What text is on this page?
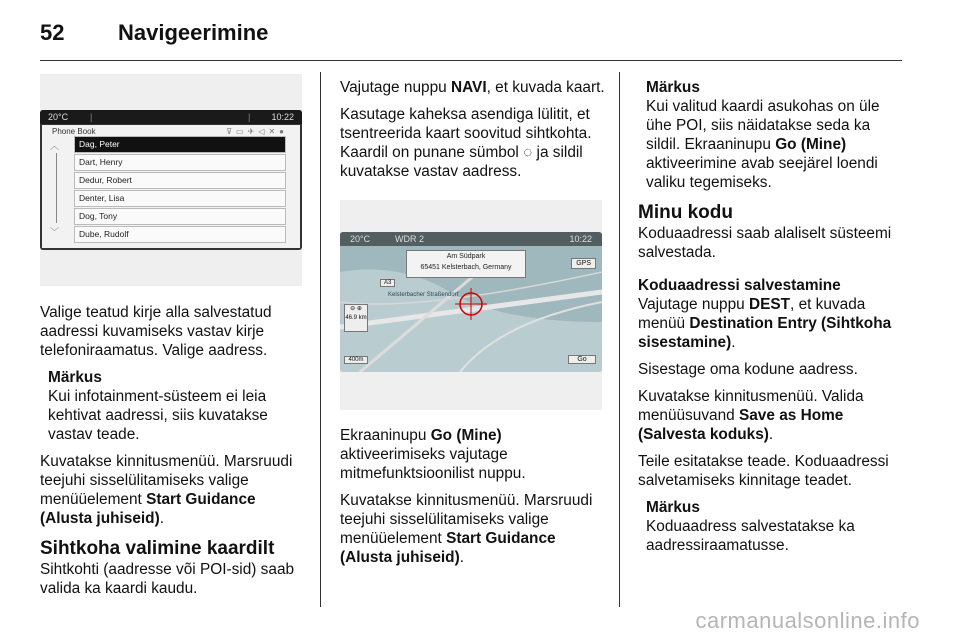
52	Navigeerimine
20°C |	| 10:22
Phone Book	⊽▭✈◁✕●
︿
﹀
Dag, Peter
Dart, Henry
Dedur, Robert
Denter, Lisa
Dog, Tony
Dube, Rudolf

Valige teatud kirje alla salvestatud aadressi kuvamiseks vastav kirje telefoniraamatus. Valige aadress.

Märkus
Kui infotainment-süsteem ei leia kehtivat aadressi, siis kuvatakse vastav teade.

Kuvatakse kinnitusmenüü. Marsruudi teejuhi sisselülitamiseks valige menüüelement Start Guidance (Alusta juhiseid).

Sihtkoha valimine kaardilt

Sihtkohti (aadresse või POI-sid) saab valida ka kaardi kaudu.

Vajutage nuppu NAVI, et kuvada kaart.

Kasutage kaheksa asendiga lülitit, et tsentreerida kaart soovitud sihtkohta. Kaardil on punane sümbol ◌ ja sildil kuvatakse vastav aadress.

20°C	WDR 2	10:22
Am Südpark
65451 Kelsterbach, Germany
GPS
A3
Kelsterbacher Straßendorf
⊖ ⊕
46.9 km
400m	Go

Ekraaninupu Go (Mine) aktiveerimiseks vajutage mitmefunktsioonilist nuppu.

Kuvatakse kinnitusmenüü. Marsruudi teejuhi sisselülitamiseks valige menüüelement Start Guidance (Alusta juhiseid).

Märkus
Kui valitud kaardi asukohas on üle ühe POI, siis näidatakse seda ka sildil. Ekraaninupu Go (Mine) aktiveerimine avab seejärel loendi valiku tegemiseks.
Minu kodu

Koduaadressi saab alaliselt süsteemi salvestada.

Koduaadressi salvestamine

Vajutage nuppu DEST, et kuvada menüü Destination Entry (Sihtkoha sisestamine).

Sisestage oma kodune aadress.

Kuvatakse kinnitusmenüü. Valida menüüsuvand Save as Home (Salvesta koduks).

Teile esitatakse teade. Koduaadressi salvetamiseks kinnitage teadet.

Märkus
Koduaadress salvestatakse ka aadressiraamatusse.
carmanualsonline.info
